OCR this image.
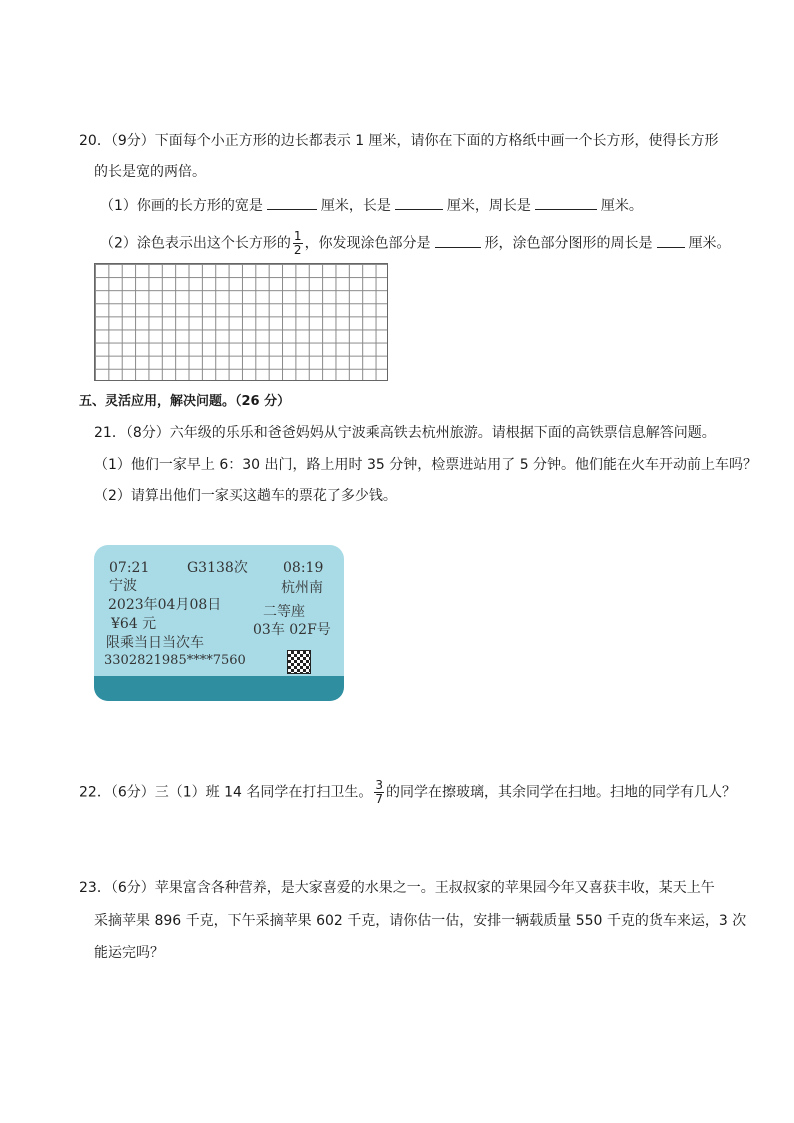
20．（9分）下面每个小正方形的边长都表示 1 厘米，请你在下面的方格纸中画一个长方形，使得长方形
的长是宽的两倍。
（1）你画的长方形的宽是	厘米，长是	厘米，周长是	厘米。
（2）涂色表示出这个长方形的 $\frac{1}{2}$ ，你发现涂色部分是	形，涂色部分图形的周长是	厘米。
五、灵活应用，解决问题。（26 分）
21．（8分）六年级的乐乐和爸爸妈妈从宁波乘高铁去杭州旅游。请根据下面的高铁票信息解答问题。
（1）他们一家早上 6：30 出门，路上用时 35 分钟，检票进站用了 5 分钟。他们能在火车开动前上车吗？
（2）请算出他们一家买这趟车的票花了多少钱。
07:21	G3138次	08:19
宁波	杭州南
2023年04月08日
¥64 元
二等座
03车 02F号
限乘当日当次车
3302821985****7560
22．（6分）三（1）班 14 名同学在打扫卫生。 $\frac{3}{7}$ 的同学在擦玻璃，其余同学在扫地。扫地的同学有几人？
23．（6分）苹果富含各种营养，是大家喜爱的水果之一。王叔叔家的苹果园今年又喜获丰收，某天上午
采摘苹果 896 千克，下午采摘苹果 602 千克，请你估一估，安排一辆载质量 550 千克的货车来运，3 次
能运完吗？
